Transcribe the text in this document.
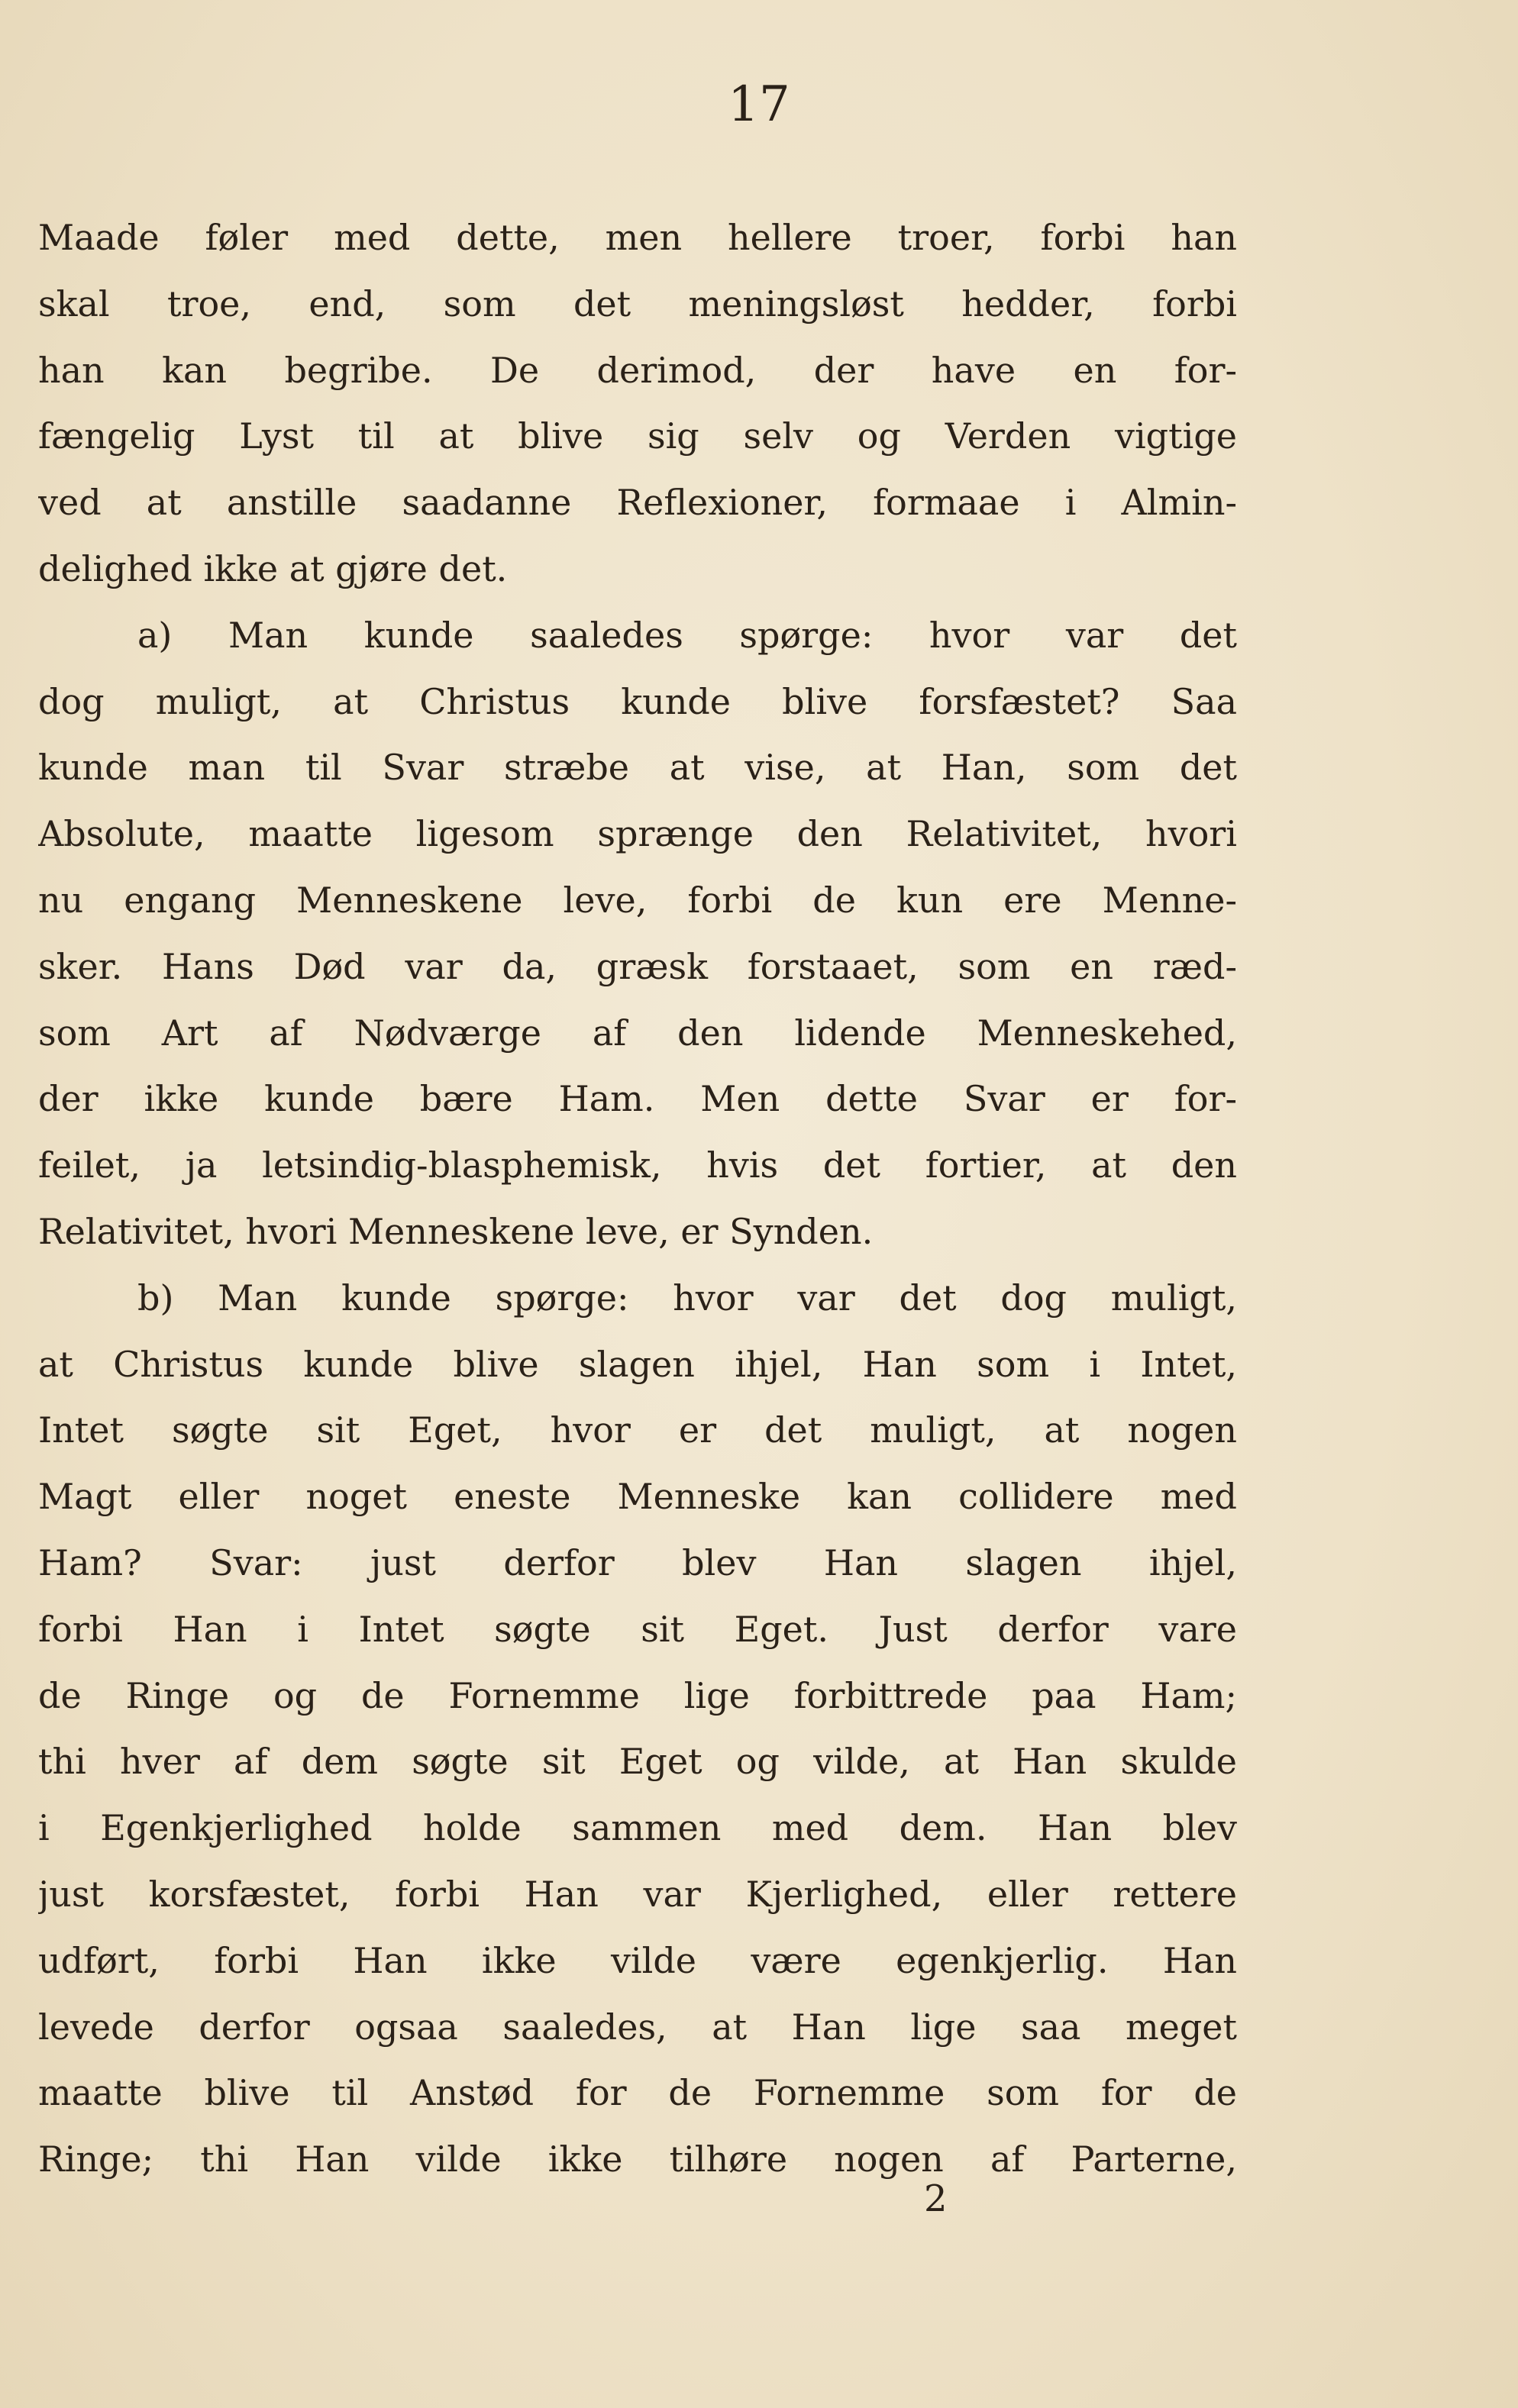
17
Maade føler med dette, men hellere troer, forbi han
skal troe, end, som det meningsløst hedder, forbi
han kan begribe. De derimod, der have en for-
fængelig Lyst til at blive sig selv og Verden vigtige
ved at anstille saadanne Reflexioner, formaae i Almin-
delighed ikke at gjøre det.
a) Man kunde saaledes spørge: hvor var det
dog muligt, at Christus kunde blive forsfæstet? Saa
kunde man til Svar stræbe at vise, at Han, som det
Absolute, maatte ligesom sprænge den Relativitet, hvori
nu engang Menneskene leve, forbi de kun ere Menne-
sker. Hans Død var da, græsk forstaaet, som en ræd-
som Art af Nødværge af den lidende Menneskehed,
der ikke kunde bære Ham. Men dette Svar er for-
feilet, ja letsindig-blasphemisk, hvis det fortier, at den
Relativitet, hvori Menneskene leve, er Synden.
b) Man kunde spørge: hvor var det dog muligt,
at Christus kunde blive slagen ihjel, Han som i Intet,
Intet søgte sit Eget, hvor er det muligt, at nogen
Magt eller noget eneste Menneske kan collidere med
Ham? Svar: just derfor blev Han slagen ihjel,
forbi Han i Intet søgte sit Eget. Just derfor vare
de Ringe og de Fornemme lige forbittrede paa Ham;
thi hver af dem søgte sit Eget og vilde, at Han skulde
i Egenkjerlighed holde sammen med dem. Han blev
just korsfæstet, forbi Han var Kjerlighed, eller rettere
udført, forbi Han ikke vilde være egenkjerlig. Han
levede derfor ogsaa saaledes, at Han lige saa meget
maatte blive til Anstød for de Fornemme som for de
Ringe; thi Han vilde ikke tilhøre nogen af Parterne,
2
